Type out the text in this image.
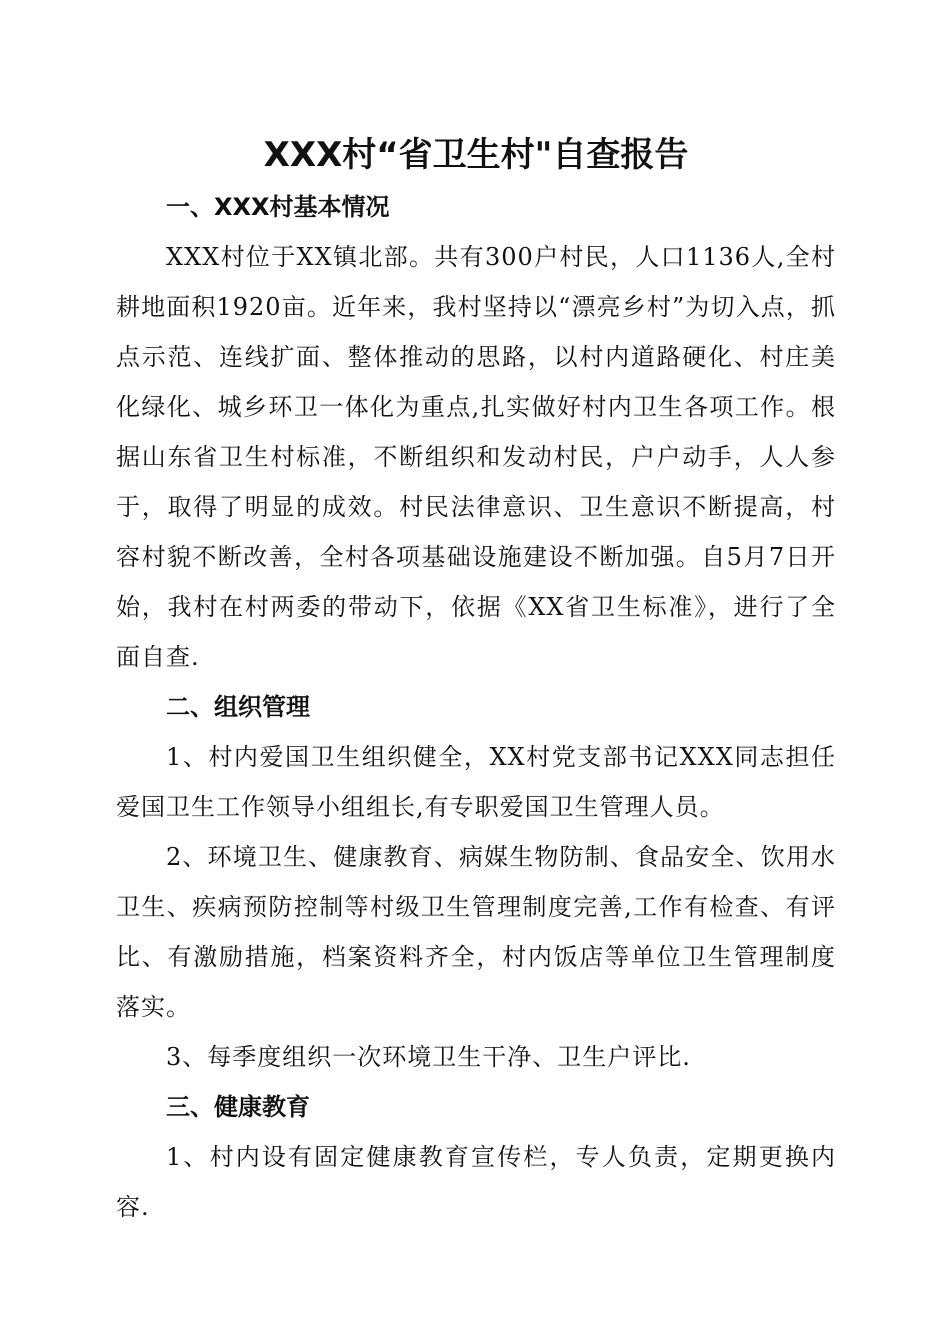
XXX村“省卫生村"自查报告
一、XXX村基本情况

XXX村位于XX镇北部。共有300户村民，人口1136人,全村耕地面积1920亩。近年来，我村坚持以“漂亮乡村”为切入点，抓点示范、连线扩面、整体推动的思路，以村内道路硬化、村庄美化绿化、城乡环卫一体化为重点,扎实做好村内卫生各项工作。根据山东省卫生村标准，不断组织和发动村民，户户动手，人人参于，取得了明显的成效。村民法律意识、卫生意识不断提高，村容村貌不断改善，全村各项基础设施建设不断加强。自5月7日开始，我村在村两委的带动下，依据《XX省卫生标准》，进行了全面自查.

二、组织管理

1、村内爱国卫生组织健全，XX村党支部书记XXX同志担任爱国卫生工作领导小组组长,有专职爱国卫生管理人员。

2、环境卫生、健康教育、病媒生物防制、食品安全、饮用水卫生、疾病预防控制等村级卫生管理制度完善,工作有检查、有评比、有激励措施，档案资料齐全，村内饭店等单位卫生管理制度落实。

3、每季度组织一次环境卫生干净、卫生户评比.

三、健康教育

1、村内设有固定健康教育宣传栏，专人负责，定期更换内容.
